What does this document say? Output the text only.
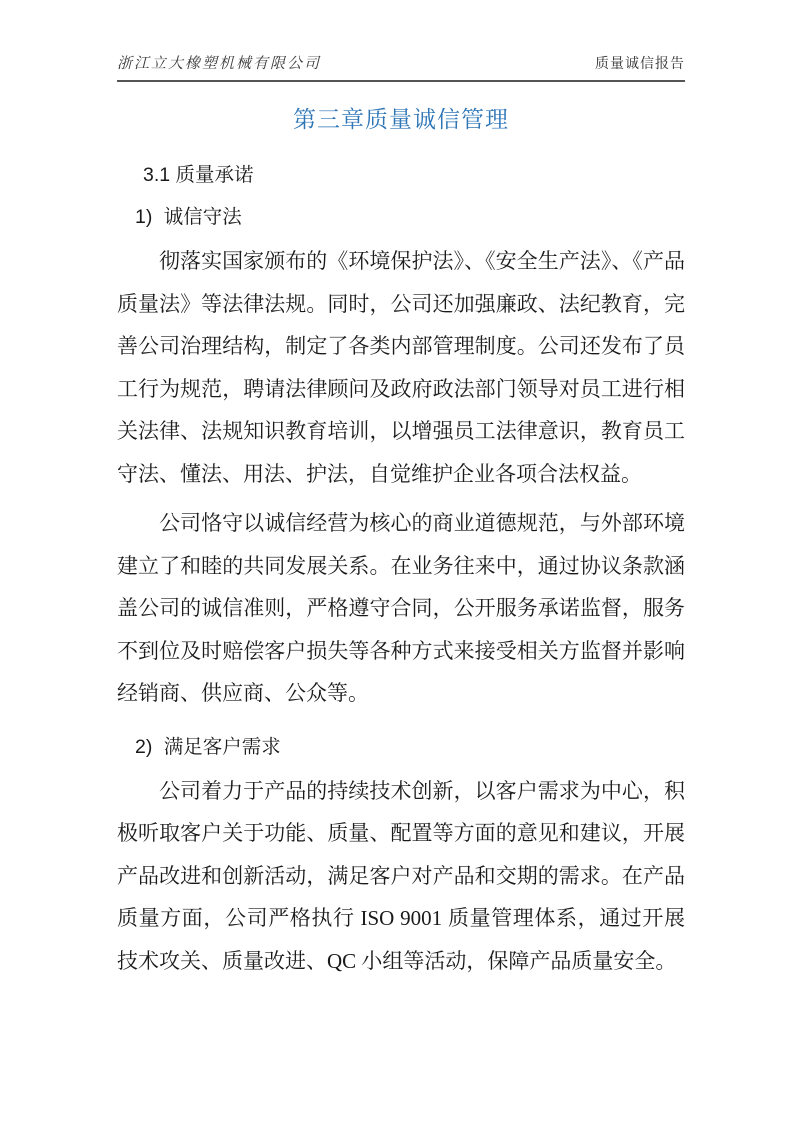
浙江立大橡塑机械有限公司	质量诚信报告
第三章质量诚信管理
3.1 质量承诺
1) 诚信守法

彻落实国家颁布的《环境保护法》、《安全生产法》、《产品质量法》等法律法规。同时，公司还加强廉政、法纪教育，完善公司治理结构，制定了各类内部管理制度。公司还发布了员工行为规范，聘请法律顾问及政府政法部门领导对员工进行相关法律、法规知识教育培训，以增强员工法律意识，教育员工守法、懂法、用法、护法，自觉维护企业各项合法权益。

公司恪守以诚信经营为核心的商业道德规范，与外部环境建立了和睦的共同发展关系。在业务往来中，通过协议条款涵盖公司的诚信准则，严格遵守合同，公开服务承诺监督，服务不到位及时赔偿客户损失等各种方式来接受相关方监督并影响经销商、供应商、公众等。

2) 满足客户需求

公司着力于产品的持续技术创新，以客户需求为中心，积极听取客户关于功能、质量、配置等方面的意见和建议，开展产品改进和创新活动，满足客户对产品和交期的需求。在产品质量方面，公司严格执行 ISO 9001 质量管理体系，通过开展技术攻关、质量改进、QC 小组等活动，保障产品质量安全。
